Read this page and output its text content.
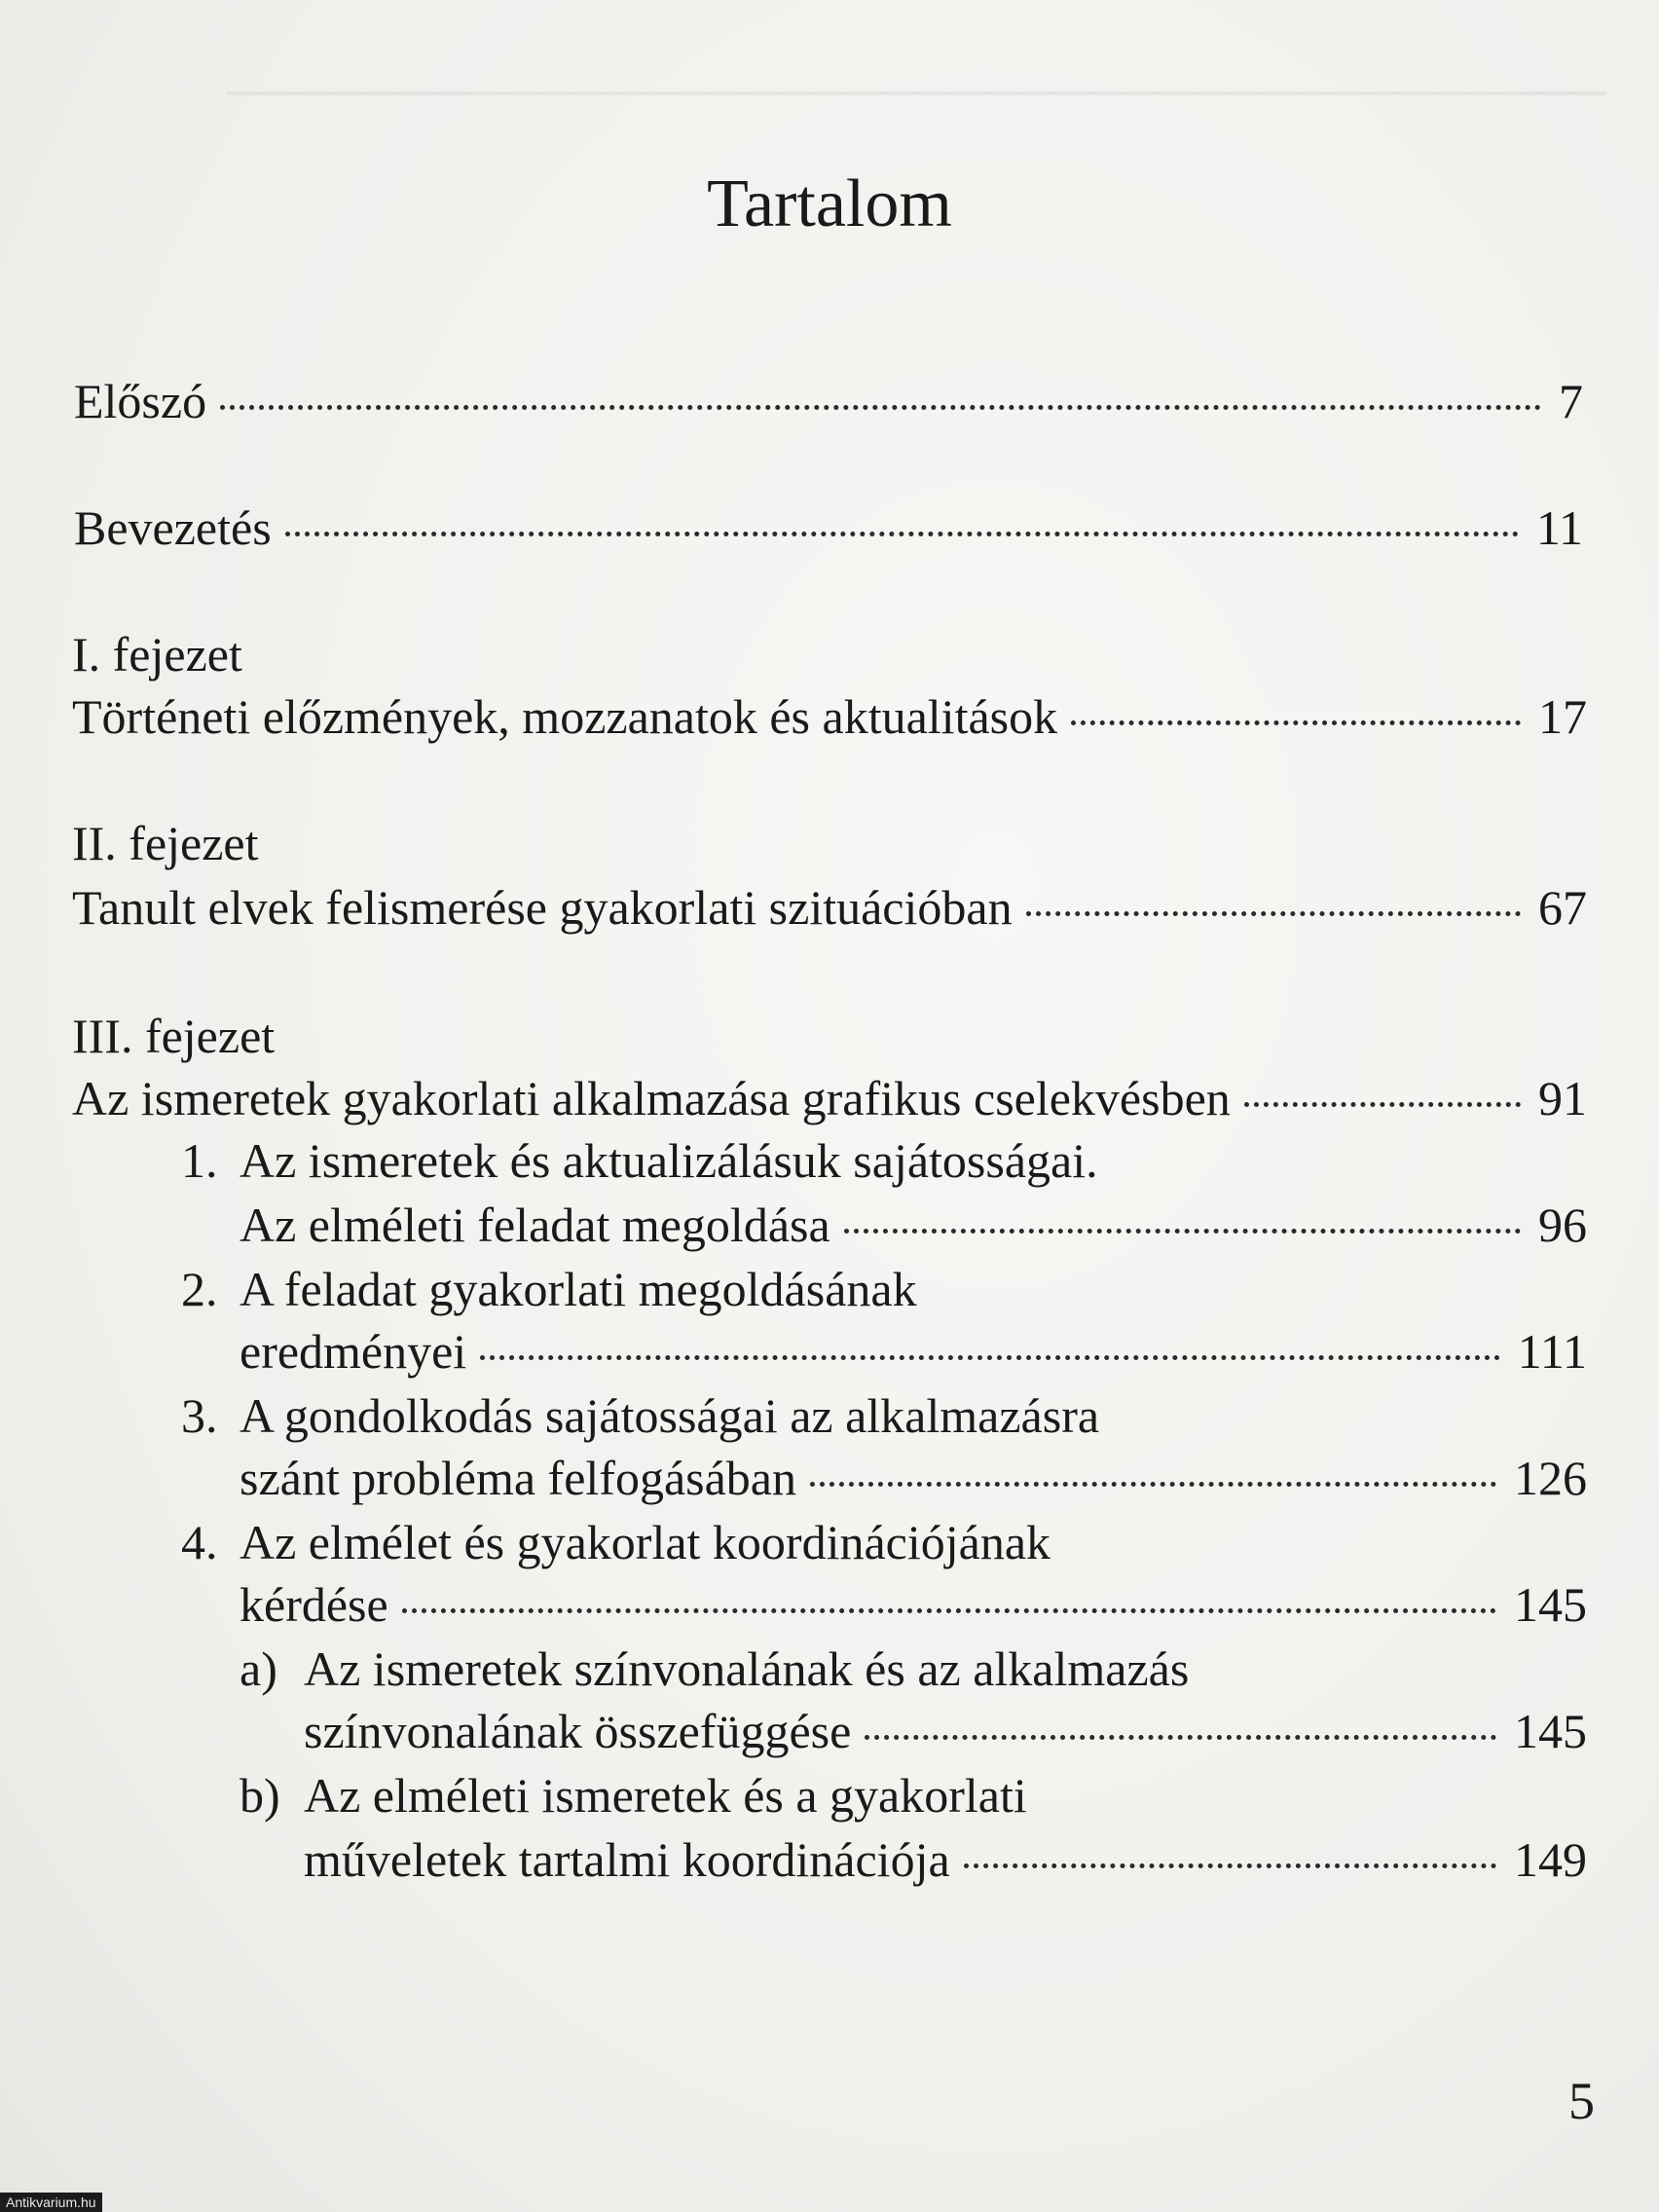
────────────────────────────────────────

Tartalom
Előszó	7
Bevezetés	11
I. fejezet
Történeti előzmények, mozzanatok és aktualitások	17
II. fejezet
Tanult elvek felismerése gyakorlati szituációban	67
III. fejezet
Az ismeretek gyakorlati alkalmazása grafikus cselekvésben	91
1. Az ismeretek és aktualizálásuk sajátosságai.
Az elméleti feladat megoldása	96
2. A feladat gyakorlati megoldásának
eredményei	111
3. A gondolkodás sajátosságai az alkalmazásra
szánt probléma felfogásában	126
4. Az elmélet és gyakorlat koordinációjának
kérdése	145
a) Az ismeretek színvonalának és az alkalmazás
színvonalának összefüggése	145
b) Az elméleti ismeretek és a gyakorlati
műveletek tartalmi koordinációja	149
5
Antikvarium.hu
